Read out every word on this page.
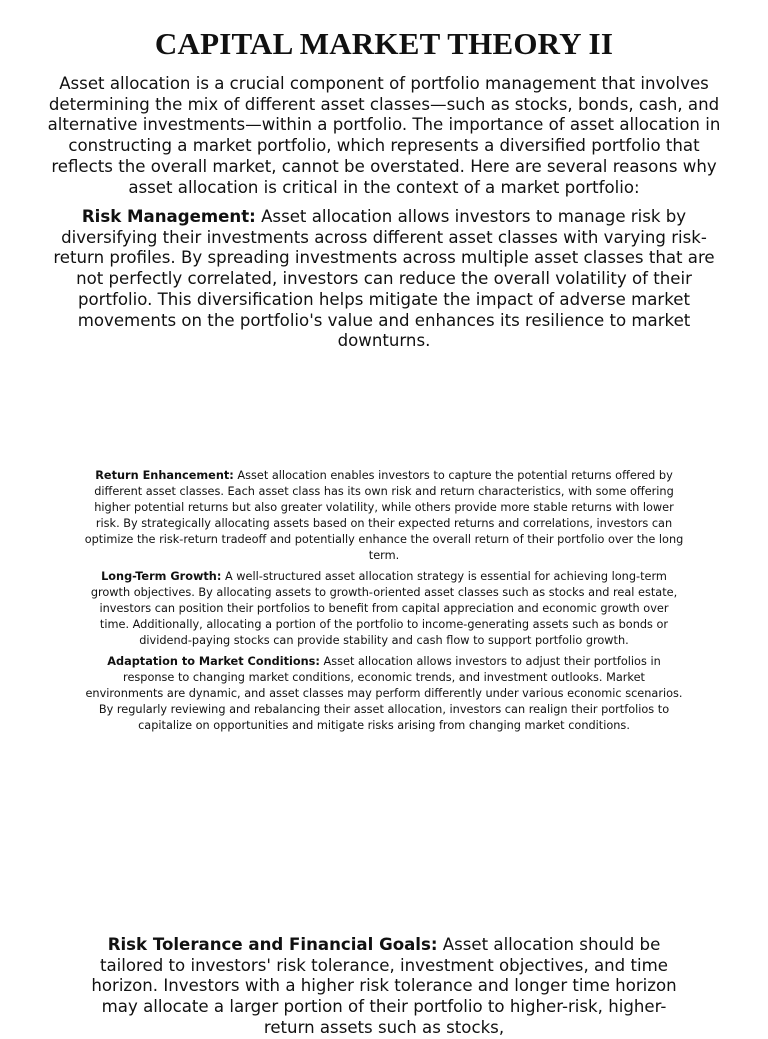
CAPITAL MARKET THEORY II

Asset allocation is a crucial component of portfolio management that involves determining the mix of different asset classes—such as stocks, bonds, cash, and alternative investments—within a portfolio. The importance of asset allocation in constructing a market portfolio, which represents a diversified portfolio that reflects the overall market, cannot be overstated. Here are several reasons why asset allocation is critical in the context of a market portfolio:

Risk Management: Asset allocation allows investors to manage risk by diversifying their investments across different asset classes with varying risk-return profiles. By spreading investments across multiple asset classes that are not perfectly correlated, investors can reduce the overall volatility of their portfolio. This diversification helps mitigate the impact of adverse market movements on the portfolio's value and enhances its resilience to market downturns.

Return Enhancement: Asset allocation enables investors to capture the potential returns offered by different asset classes. Each asset class has its own risk and return characteristics, with some offering higher potential returns but also greater volatility, while others provide more stable returns with lower risk. By strategically allocating assets based on their expected returns and correlations, investors can optimize the risk-return tradeoff and potentially enhance the overall return of their portfolio over the long term.

Long-Term Growth: A well-structured asset allocation strategy is essential for achieving long-term growth objectives. By allocating assets to growth-oriented asset classes such as stocks and real estate, investors can position their portfolios to benefit from capital appreciation and economic growth over time. Additionally, allocating a portion of the portfolio to income-generating assets such as bonds or dividend-paying stocks can provide stability and cash flow to support portfolio growth.

Adaptation to Market Conditions: Asset allocation allows investors to adjust their portfolios in response to changing market conditions, economic trends, and investment outlooks. Market environments are dynamic, and asset classes may perform differently under various economic scenarios. By regularly reviewing and rebalancing their asset allocation, investors can realign their portfolios to capitalize on opportunities and mitigate risks arising from changing market conditions.

Risk Tolerance and Financial Goals: Asset allocation should be tailored to investors' risk tolerance, investment objectives, and time horizon. Investors with a higher risk tolerance and longer time horizon may allocate a larger portion of their portfolio to higher-risk, higher-return assets such as stocks,
